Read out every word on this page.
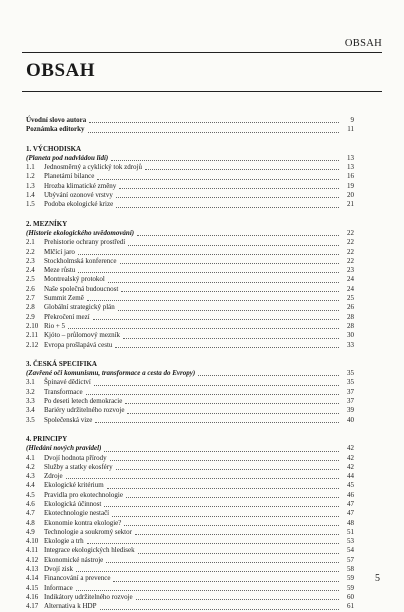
OBSAH
OBSAH
Úvodní slovo autora	9
Poznámka editorky	11
1. VÝCHODISKA
(Planeta pod nadvládou lidí)	13
1.1 Jednosměrný a cyklický tok zdrojů	13
1.2 Planetární bilance	16
1.3 Hrozba klimatické změny	19
1.4 Ubývání ozonové vrstvy	20
1.5 Podoba ekologické krize	21
2. MEZNÍKY
(Historie ekologického uvědomování)	22
2.1 Prehistorie ochrany prostředí	22
2.2 Mlčící jaro	22
2.3 Stockholmská konference	22
2.4 Meze růstu	23
2.5 Montrealský protokol	24
2.6 Naše společná budoucnost	24
2.7 Summit Země	25
2.8 Globální strategický plán	26
2.9 Překročení mezí	28
2.10 Rio + 5	28
2.11 Kjóto – průlomový mezník	30
2.12 Evropa prošlapává cestu	33
3. ČESKÁ SPECIFIKA
(Zavřené oči komunismu, transformace a cesta do Evropy)	35
3.1 Špinavé dědictví	35
3.2 Transformace	37
3.3 Po deseti letech demokracie	37
3.4 Bariéry udržitelného rozvoje	39
3.5 Společenská vize	40
4. PRINCIPY
(Hledání nových pravidel)	42
4.1 Dvojí hodnota přírody	42
4.2 Služby a statky ekosféry	42
4.3 Zdroje	44
4.4 Ekologické kritérium	45
4.5 Pravidla pro ekotechnologie	46
4.6 Ekologická účinnost	47
4.7 Ekotechnologie nestačí	47
4.8 Ekonomie kontra ekologie?	48
4.9 Technologie a soukromý sektor	51
4.10 Ekologie a trh	53
4.11 Integrace ekologických hledisek	54
4.12 Ekonomické nástroje	57
4.13 Dvojí zisk	58
4.14 Financování a prevence	59
4.15 Informace	59
4.16 Indikátory udržitelného rozvoje	60
4.17 Alternativa k HDP	61
5
